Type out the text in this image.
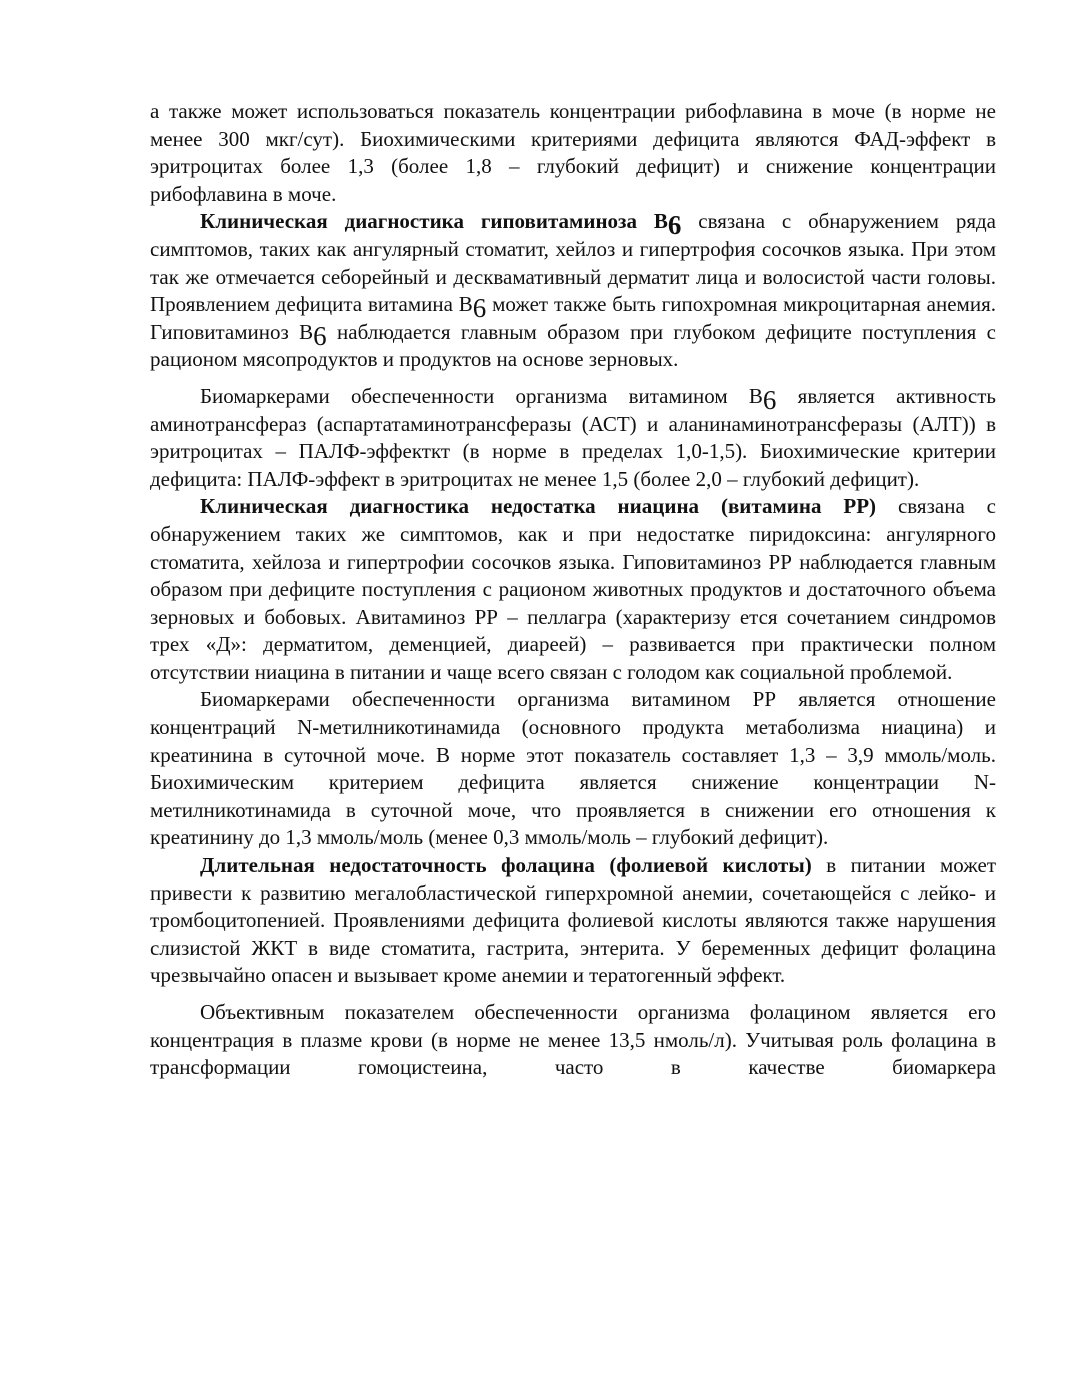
а также может использоваться показатель концентрации рибофлавина в моче (в норме не менее 300 мкг/сут). Биохимическими критериями дефицита являются ФАД-эффект в эритроцитах более 1,3 (более 1,8 – глубокий дефицит) и снижение концентрации рибофлавина в моче.

Клиническая диагностика гиповитаминоза B6 связана с обнаружением ряда симптомов, таких как ангулярный стоматит, хейлоз и гипертрофия сосочков языка. При этом так же отмечается себорейный и десквамативный дерматит лица и волосистой части головы. Проявлением дефицита витамина B6 может также быть гипохромная микроцитарная анемия. Гиповитаминоз B6 наблюдается главным образом при глубоком дефиците поступления с рационом мясопродуктов и продуктов на основе зерновых.

Биомаркерами обеспеченности организма витамином B6 является активность аминотрансфераз (аспартатаминотрансферазы (АСТ) и аланинаминотрансферазы (АЛТ)) в эритроцитах – ПАЛФ-эффекткт (в норме в пределах 1,0-1,5). Биохимические критерии дефицита: ПАЛФ-эффект в эритроцитах не менее 1,5 (более 2,0 – глубокий дефицит).

Клиническая диагностика недостатка ниацина (витамина РР) связана с обнаружением таких же симптомов, как и при недостатке пиридоксина: ангулярного стоматита, хейлоза и гипертрофии сосочков языка. Гиповитаминоз РР наблюдается главным образом при дефиците поступления с рационом животных продуктов и достаточного объема зерновых и бобовых. Авитаминоз РР – пеллагра (характеризу ется сочетанием синдромов трех «Д»: дерматитом, деменцией, диареей) – развивается при практически полном отсутствии ниацина в питании и чаще всего связан с голодом как социальной проблемой.

Биомаркерами обеспеченности организма витамином РР является отношение концентраций N-метилникотинамида (основного продукта метаболизма ниацина) и креатинина в суточной моче. В норме этот показатель составляет 1,3 – 3,9 ммоль/моль. Биохимическим критерием дефицита является снижение концентрации N-метилникотинамида в суточной моче, что проявляется в снижении его отношения к креатинину до 1,3 ммоль/моль (менее 0,3 ммоль/моль – глубокий дефицит).

Длительная недостаточность фолацина (фолиевой кислоты) в питании может привести к развитию мегалобластической гиперхромной анемии, сочетающейся с лейко- и тромбоцитопенией. Проявлениями дефицита фолиевой кислоты являются также нарушения слизистой ЖКТ в виде стоматита, гастрита, энтерита. У беременных дефицит фолацина чрезвычайно опасен и вызывает кроме анемии и тератогенный эффект.

Объективным показателем обеспеченности организма фолацином является его концентрация в плазме крови (в норме не менее 13,5 нмоль/л). Учитывая роль фолацина в трансформации гомоцистеина, часто в качестве биомаркера
